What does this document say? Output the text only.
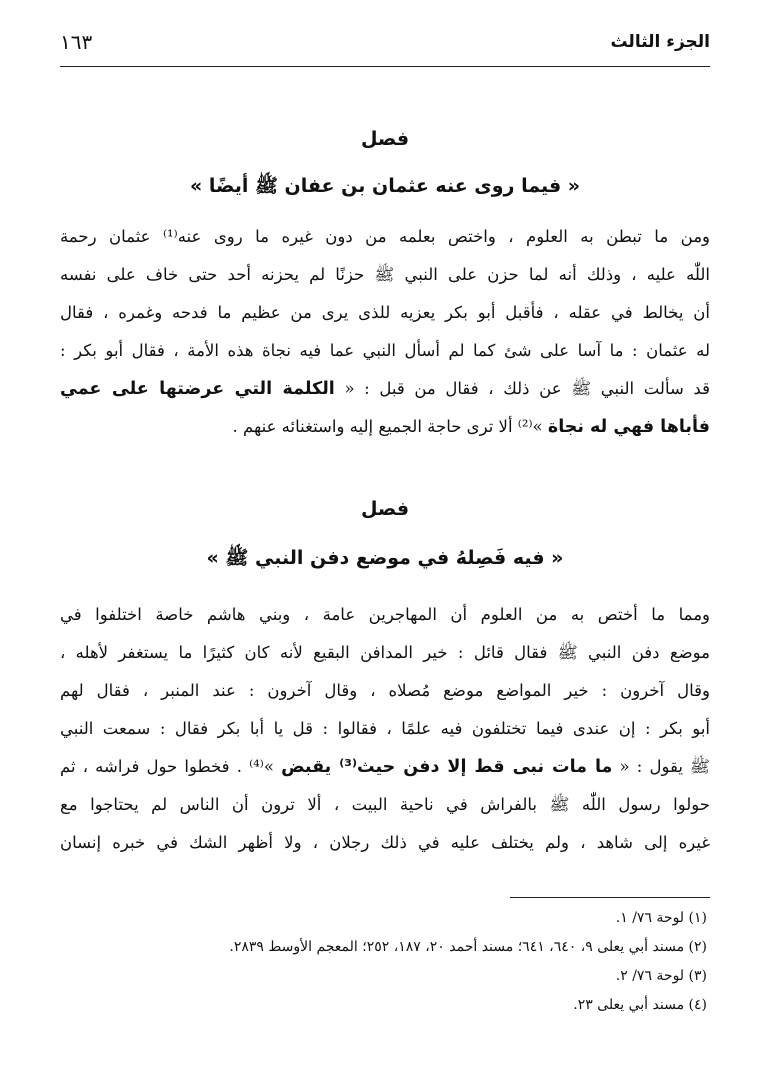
الجزء الثالث
١٦٣
فصل
« فيما روى عنه عثمان بن عفان ﷺ أيضًا »
ومن ما تبطن به العلوم ، واختص بعلمه من دون غيره ما روى عنه⁽¹⁾ عثمان رحمة
اللّٰه عليه ، وذلك أنه لما حزن على النبي ﷺ حزنًا لم يحزنه أحد حتى خاف على نفسه
أن يخالط في عقله ، فأقبل أبو بكر يعزيه للذى يرى من عظيم ما فدحه وغمره ، فقال
له عثمان : ما آسا على شئ كما لم أسأل النبي عما فيه نجاة هذه الأمة ، فقال أبو بكر :
قد سألت النبي ﷺ عن ذلك ، فقال من قبل : « الكلمة التي عرضتها على عمي
فأباها فهي له نجاة »⁽²⁾ ألا ترى حاجة الجميع إليه واستغنائه عنهم .
فصل
« فيه فَصِلهُ في موضع دفن النبي ﷺ »
ومما ما أختص به من العلوم أن المهاجرين عامة ، وبني هاشم خاصة اختلفوا في
موضع دفن النبي ﷺ فقال قائل : خير المدافن البقيع لأنه كان كثيرًا ما يستغفر لأهله ،
وقال آخرون : خير المواضع موضع مُصلاه ، وقال آخرون : عند المنبر ، فقال لهم
أبو بكر : إن عندى فيما تختلفون فيه علمًا ، فقالوا : قل يا أبا بكر فقال : سمعت النبي
ﷺ يقول : « ما مات نبى قط إلا دفن حيث⁽³⁾ يقبض »⁽⁴⁾ . فخطوا حول فراشه ، ثم
حولوا رسول اللّٰه ﷺ بالفراش في ناحية البيت ، ألا ترون أن الناس لم يحتاجوا مع
غيره إلى شاهد ، ولم يختلف عليه في ذلك رجلان ، ولا أظهر الشك في خبره إنسان
(١) لوحة ٧٦/ ١.
(٢) مسند أبي يعلى ٩، ٦٤٠، ٦٤١؛ مسند أحمد ٢٠، ١٨٧، ٢٥٢؛ المعجم الأوسط ٢٨٣٩.
(٣) لوحة ٧٦/ ٢.
(٤) مسند أبي يعلى ٢٣.
